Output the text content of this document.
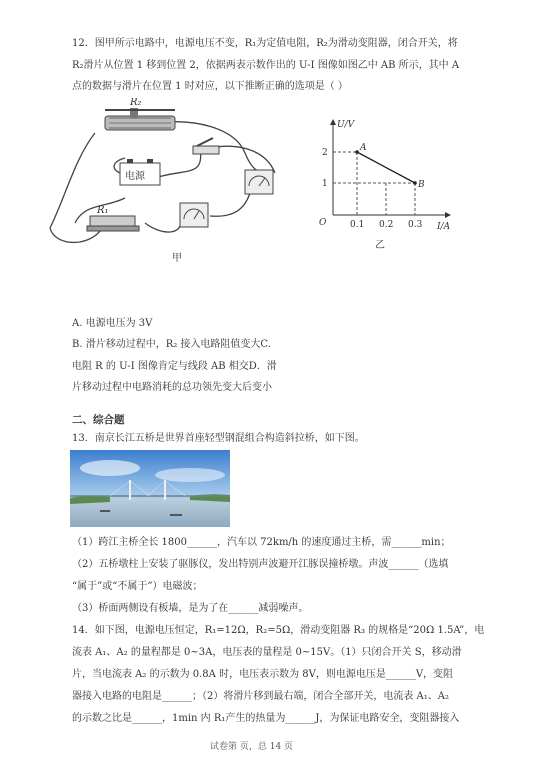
12．图甲所示电路中，电源电压不变，R₁为定值电阻，R₂为滑动变阻器，闭合开关，将
R₂滑片从位置 1 移到位置 2，依据两表示数作出的 U-I 图像如图乙中 AB 所示，其中 A
点的数据与滑片在位置 1 时对应，以下推断正确的选项是（ ）
R₂
电源
R₁
甲
U/V
I/A
O
2
1
0.1 0.2 0.3
A
B
乙
A. 电源电压为 3V
B. 滑片移动过程中，R₂ 接入电路阻值变大C.
电阻 R 的 U-I 图像肯定与线段 AB 相交D．滑
片移动过程中电路消耗的总功领先变大后变小
二、综合题
13．南京长江五桥是世界首座轻型钢混组合构造斜拉桥，如下图。
（1）跨江主桥全长 1800______，汽车以 72km/h 的速度通过主桥，需______min；
（2）五桥墩柱上安装了驱豚仪，发出特别声波避开江豚误撞桥墩。声波______（选填
“属于”或“不属于”）电磁波；
（3）桥面两侧设有板墙，是为了在______减弱噪声。
14．如下图，电源电压恒定，R₁=12Ω，R₂=5Ω，滑动变阻器 R₃ 的规格是“20Ω 1.5A”，电
流表 A₁、A₂ 的量程都是 0~3A，电压表的量程是 0~15V。（1）只闭合开关 S，移动滑
片，当电流表 A₂ 的示数为 0.8A 时，电压表示数为 8V，则电源电压是______V，变阻
器接入电路的电阻是______；（2）将滑片移到最右端，闭合全部开关，电流表 A₁、A₂
的示数之比是______，1min 内 R₁产生的热量为______J，为保证电路安全，变阻器接入
试卷第 页，总 14 页
